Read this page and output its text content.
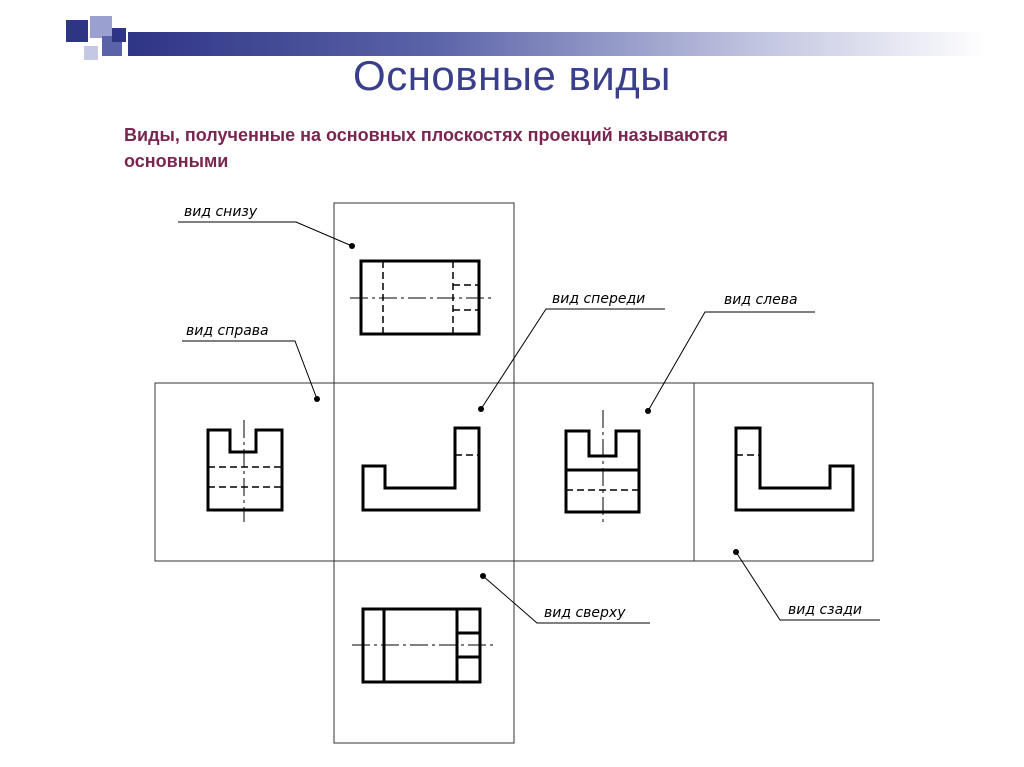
Основные виды
Виды, полученные на основных плоскостях проекций называются
основными
вид снизу
вид справа
вид спереди	вид слева
вид сверху	вид сзади
